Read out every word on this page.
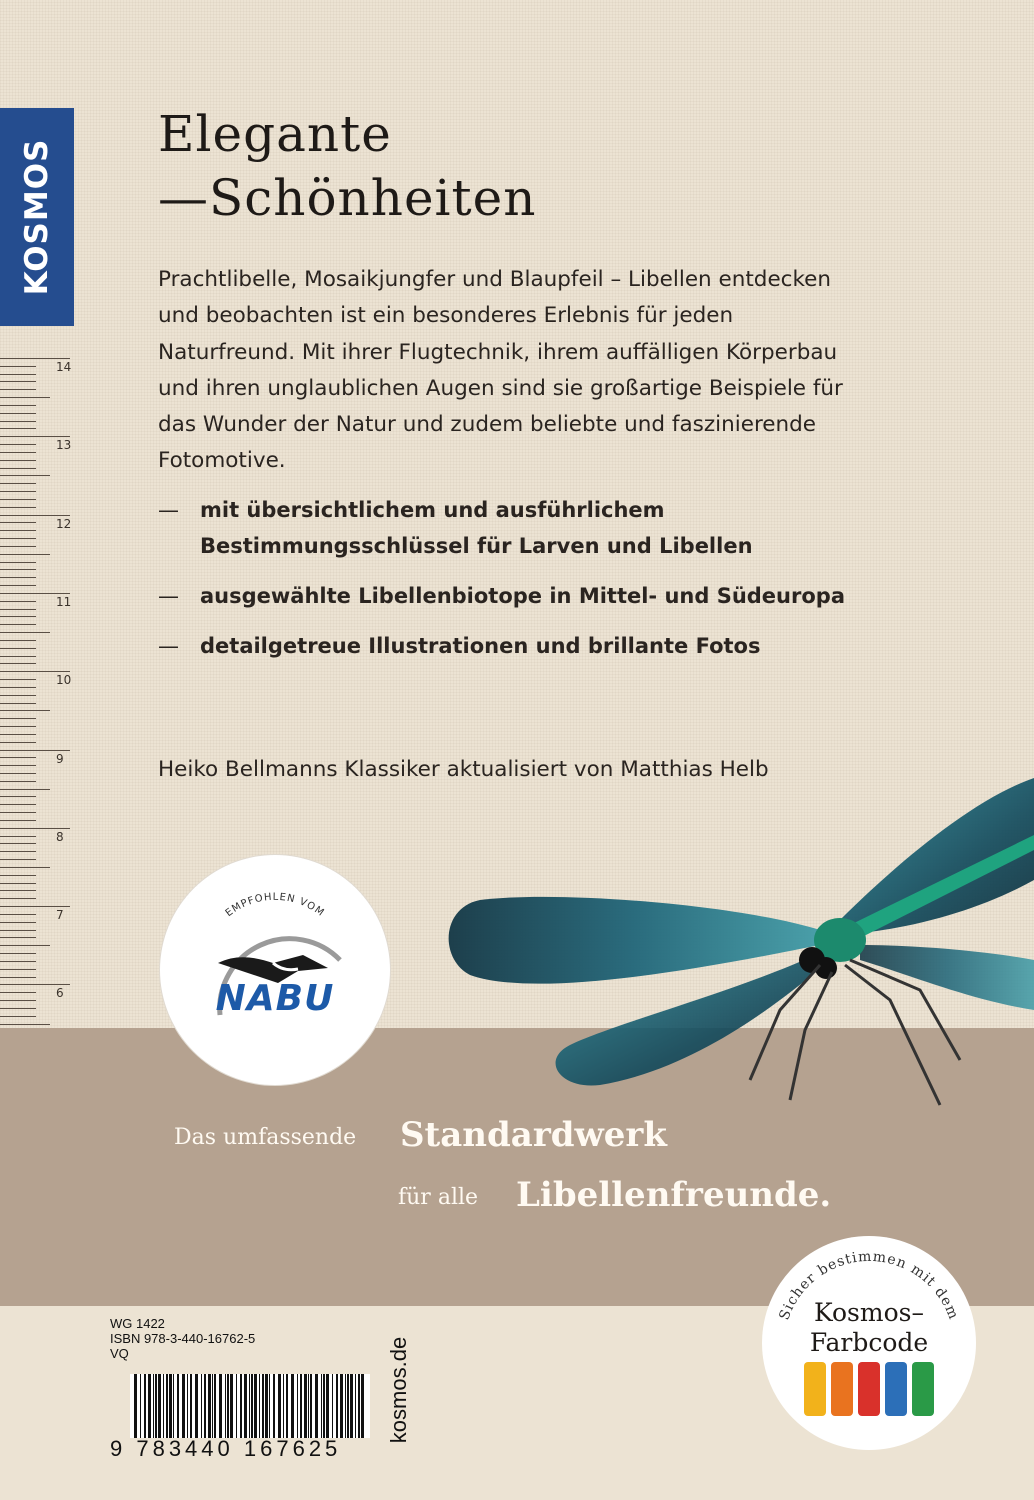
KOSMOS
14
13
12
11
10
9
8
7
6
Elegante
—Schönheiten
Prachtlibelle, Mosaikjungfer und Blaupfeil – Libellen entdecken und beobachten ist ein besonderes Erlebnis für jeden Naturfreund. Mit ihrer Flugtechnik, ihrem auffälligen Körperbau und ihren unglaublichen Augen sind sie großartige Beispiele für das Wunder der Natur und zudem beliebte und faszinierende Fotomotive.
— mit übersichtlichem und ausführlichem Bestimmungsschlüssel für Larven und Libellen
— ausgewählte Libellenbiotope in Mittel- und Südeuropa
— detailgetreue Illustrationen und brillante Fotos
Heiko Bellmanns Klassiker aktualisiert von Matthias Helb
EMPFOHLEN VOM
NABU
Das umfassende Standardwerk
für alle Libellenfreunde.
WG 1422
ISBN 978-3-440-16762-5
VQ
9 783440 167625
kosmos.de
Sicher bestimmen mit dem
Kosmos–
Farbcode
